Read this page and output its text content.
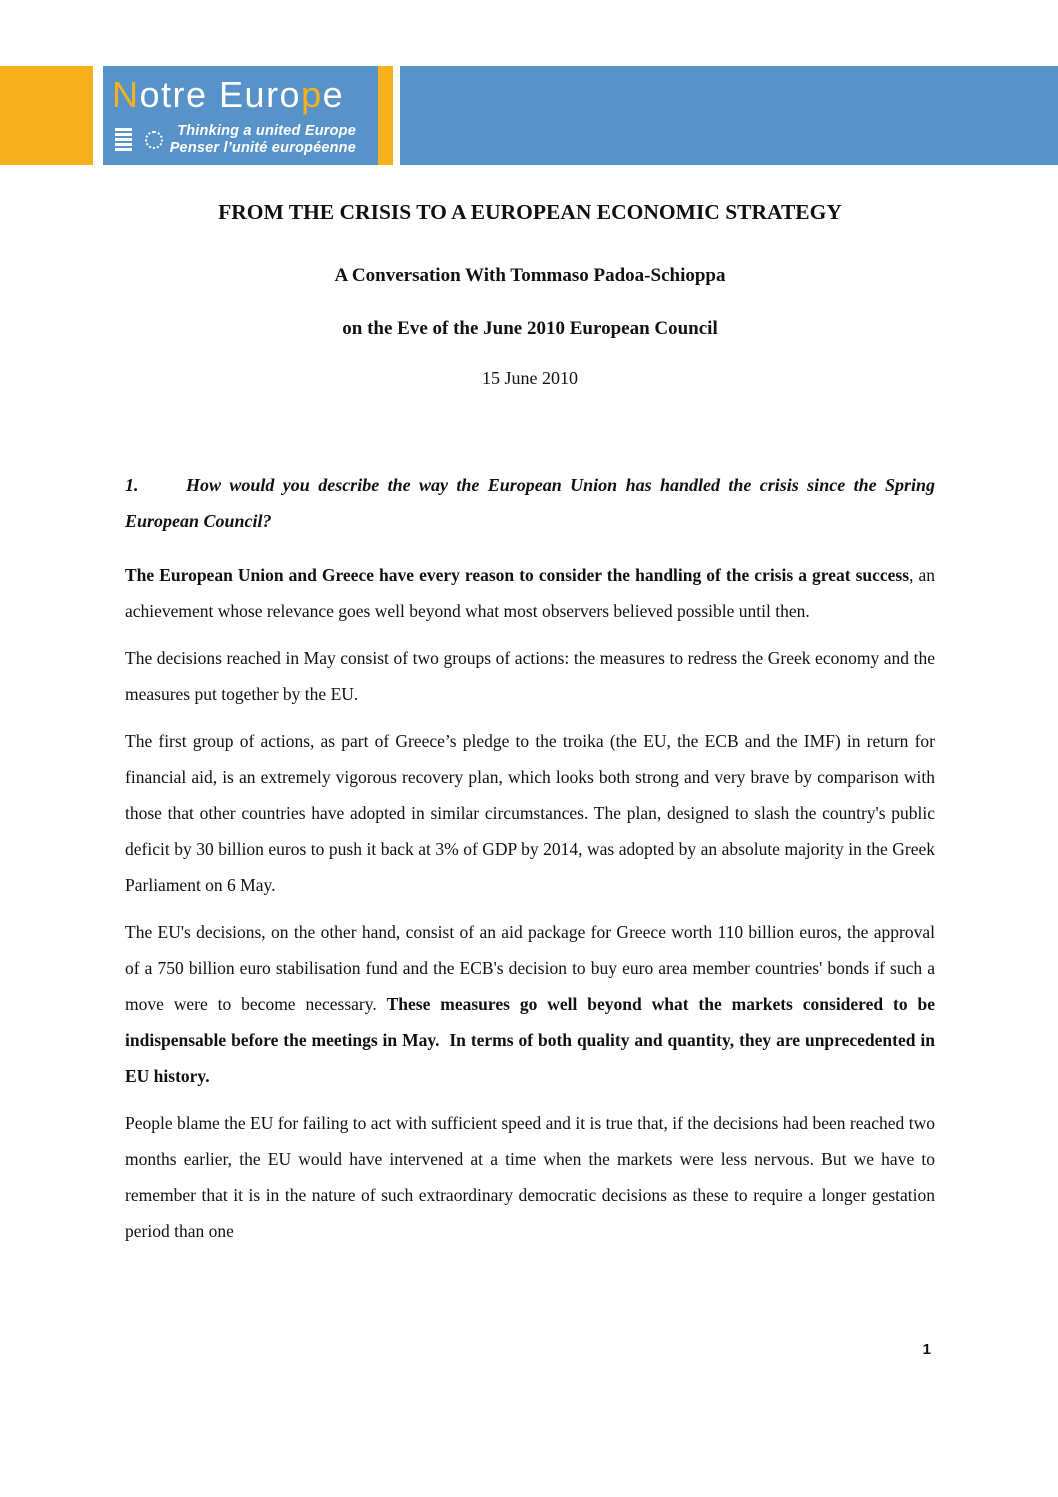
Notre Europe
Thinking a united Europe
Penser l’unité européenne
FROM THE CRISIS TO A EUROPEAN ECONOMIC STRATEGY
A Conversation With Tommaso Padoa-Schioppa
on the Eve of the June 2010 European Council
15 June 2010
1.	How would you describe the way the European Union has handled the crisis since the Spring European Council?

The European Union and Greece have every reason to consider the handling of the crisis a great success, an achievement whose relevance goes well beyond what most observers believed possible until then.

The decisions reached in May consist of two groups of actions: the measures to redress the Greek economy and the measures put together by the EU.

The first group of actions, as part of Greece’s pledge to the troika (the EU, the ECB and the IMF) in return for financial aid, is an extremely vigorous recovery plan, which looks both strong and very brave by comparison with those that other countries have adopted in similar circumstances. The plan, designed to slash the country's public deficit by 30 billion euros to push it back at 3% of GDP by 2014, was adopted by an absolute majority in the Greek Parliament on 6 May.

The EU's decisions, on the other hand, consist of an aid package for Greece worth 110 billion euros, the approval of a 750 billion euro stabilisation fund and the ECB's decision to buy euro area member countries' bonds if such a move were to become necessary. These measures go well beyond what the markets considered to be indispensable before the meetings in May.  In terms of both quality and quantity, they are unprecedented in EU history.

People blame the EU for failing to act with sufficient speed and it is true that, if the decisions had been reached two months earlier, the EU would have intervened at a time when the markets were less nervous. But we have to remember that it is in the nature of such extraordinary democratic decisions as these to require a longer gestation period than one

1
